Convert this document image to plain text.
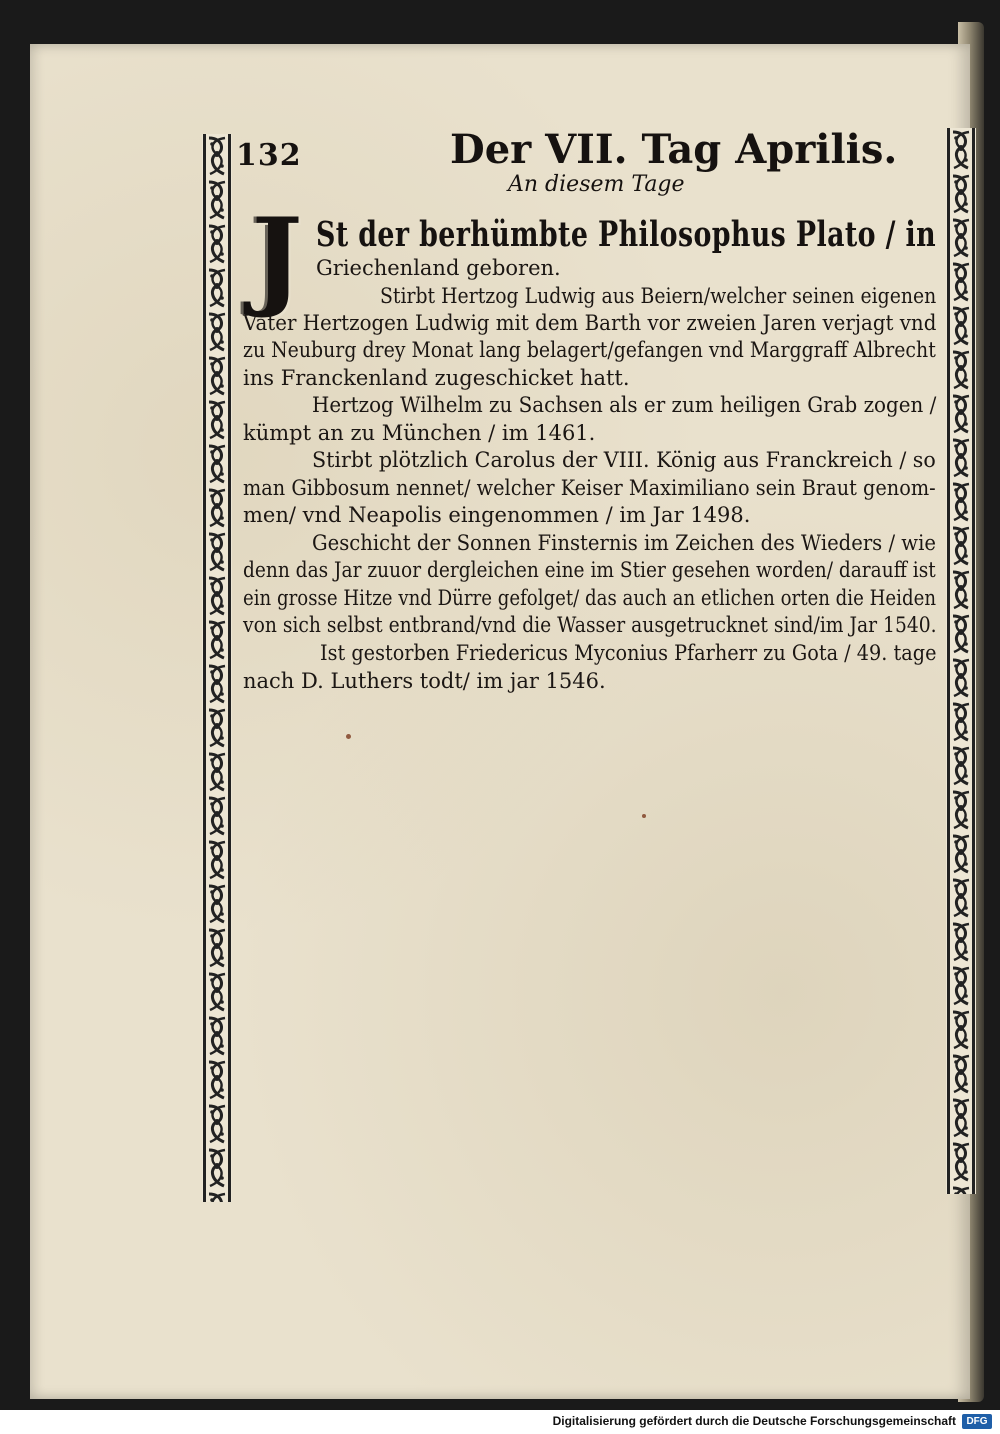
132	Der VII. Tag Aprilis.
An diesem Tage
J St der berhümbte Philosophus Plato / in
Griechenland geboren.
Stirbt Hertzog Ludwig aus Beiern/welcher seinen eigenen
Vater Hertzogen Ludwig mit dem Barth vor zweien Jaren verjagt vnd
zu Neuburg drey Monat lang belagert/gefangen vnd Marggraff Albrecht
ins Franckenland zugeschicket hatt.
Hertzog Wilhelm zu Sachsen als er zum heiligen Grab zogen /
kümpt an zu München / im 1461.
Stirbt plötzlich Carolus der VIII. König aus Franckreich / so
man Gibbosum nennet/ welcher Keiser Maximiliano sein Braut genom-
men/ vnd Neapolis eingenommen / im Jar 1498.
Geschicht der Sonnen Finsternis im Zeichen des Wieders / wie
denn das Jar zuuor dergleichen eine im Stier gesehen worden/ darauff ist
ein grosse Hitze vnd Dürre gefolget/ das auch an etlichen orten die Heiden
von sich selbst entbrand/vnd die Wasser ausgetrucknet sind/im Jar 1540.
Ist gestorben Friedericus Myconius Pfarherr zu Gota / 49. tage
nach D. Luthers todt/ im jar 1546.
Digitalisierung gefördert durch die Deutsche Forschungsgemeinschaft	DFG
